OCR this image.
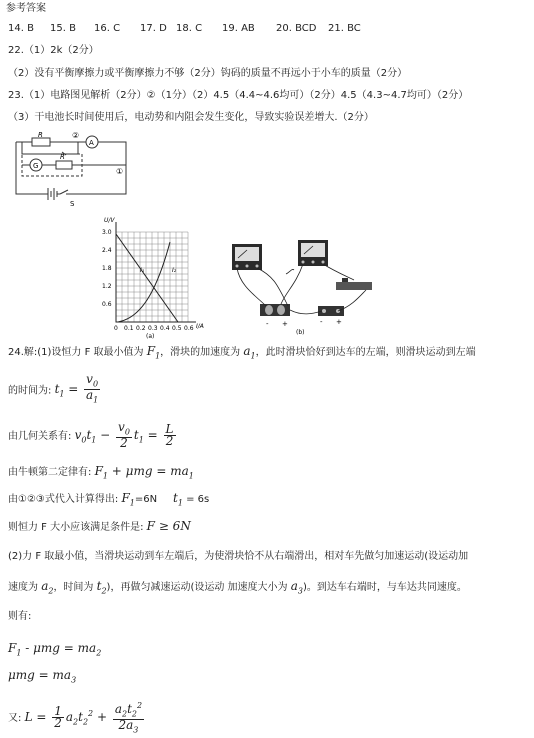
参考答案
14. B 15. B 16. C 17. D 18. C 19. AB 20. BCD 21. BC
22.（1）2k（2分）
（2）没有平衡摩擦力或平衡摩擦力不够（2分）钩码的质量不再远小于小车的质量（2分）
23.（1）电路图见解析（2分）②（1分）（2）4.5（4.4~4.6均可）（2分）4.5（4.3~4.7均可）（2分）
（3）干电池长时间使用后，电动势和内阻会发生变化，导致实验误差增大.（2分）
R	②
A
G
R
①
S
U/V
I/A
3.0
2.4
1.8
1.2
0.6
0 0.1 0.2 0.3 0.4 0.5 0.6
I₁	I₂
(a)
- +	- +
(b)
24.解:(1)设恒力 F 取最小值为 $F_1$，滑块的加速度为 $a_1$，此时滑块恰好到达车的左端，则滑块运动到左端
的时间为: $t_1 = \frac{v_0}{a_1}$
由几何关系有: $v_0t_1 - \frac{v_0}{2} t_1 = \frac{L}{2}$
由牛顿第二定律有: $F_1 + \mu mg = ma_1$
由①②③式代入计算得出: $F_1=6N$ $t_1 = 6s$
则恒力 F 大小应该满足条件是: F ≥ 6N
(2)力 F 取最小值，当滑块运动到车左端后，为使滑块恰不从右端滑出，相对车先做匀加速运动(设运动加
速度为 $a_2$，时间为 $t_2$)，再做匀减速运动(设运动 加速度大小为 $a_3$)。到达车右端时，与车达共同速度。
则有:
$F_1 - \mu mg = ma_2$
$\mu mg = ma_3$
又: $L = \frac{1}{2} a_2t_2^2 + \frac{a_2t_2^2}{2a_3}$
